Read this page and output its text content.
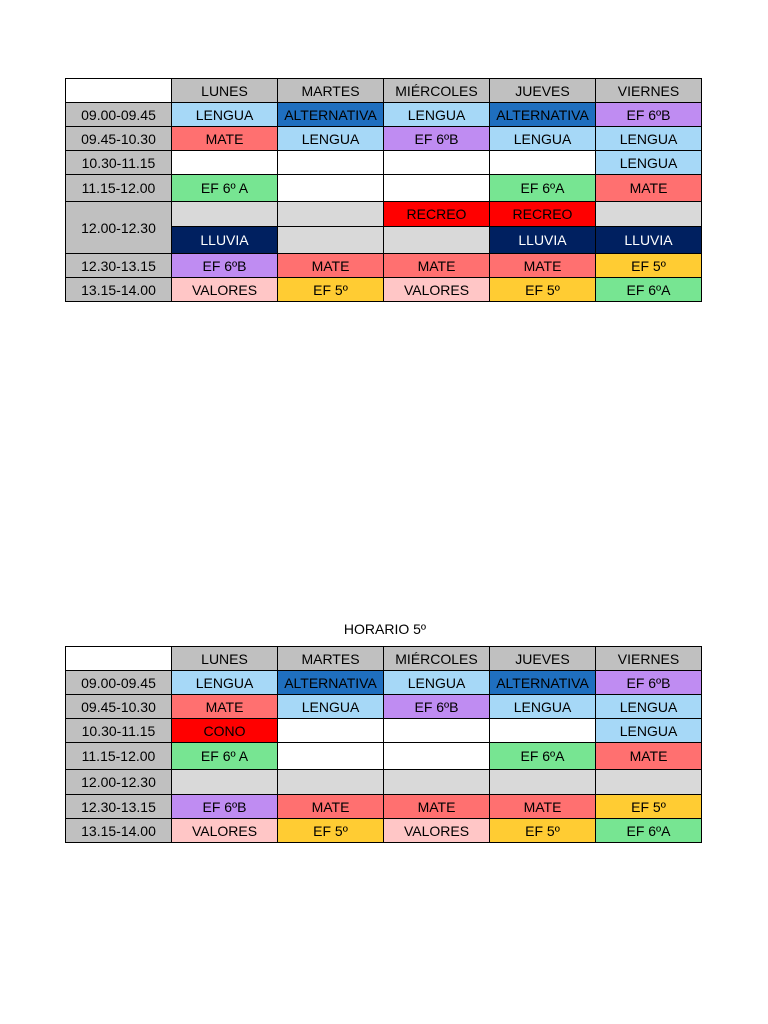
	LUNES	MARTES	MIÉRCOLES	JUEVES	VIERNES
09.00-09.45	LENGUA	ALTERNATIVA	LENGUA	ALTERNATIVA	EF 6ºB
09.45-10.30	MATE	LENGUA	EF 6ºB	LENGUA	LENGUA
10.30-11.15					LENGUA
11.15-12.00	EF 6º A			EF 6ºA	MATE
12.00-12.30			RECREO	RECREO	
	LLUVIA			LLUVIA	LLUVIA
12.30-13.15	EF 6ºB	MATE	MATE	MATE	EF 5º
13.15-14.00	VALORES	EF 5º	VALORES	EF 5º	EF 6ºA
HORARIO 5º
	LUNES	MARTES	MIÉRCOLES	JUEVES	VIERNES
09.00-09.45	LENGUA	ALTERNATIVA	LENGUA	ALTERNATIVA	EF 6ºB
09.45-10.30	MATE	LENGUA	EF 6ºB	LENGUA	LENGUA
10.30-11.15	CONO				LENGUA
11.15-12.00	EF 6º A			EF 6ºA	MATE
12.00-12.30					
12.30-13.15	EF 6ºB	MATE	MATE	MATE	EF 5º
13.15-14.00	VALORES	EF 5º	VALORES	EF 5º	EF 6ºA
